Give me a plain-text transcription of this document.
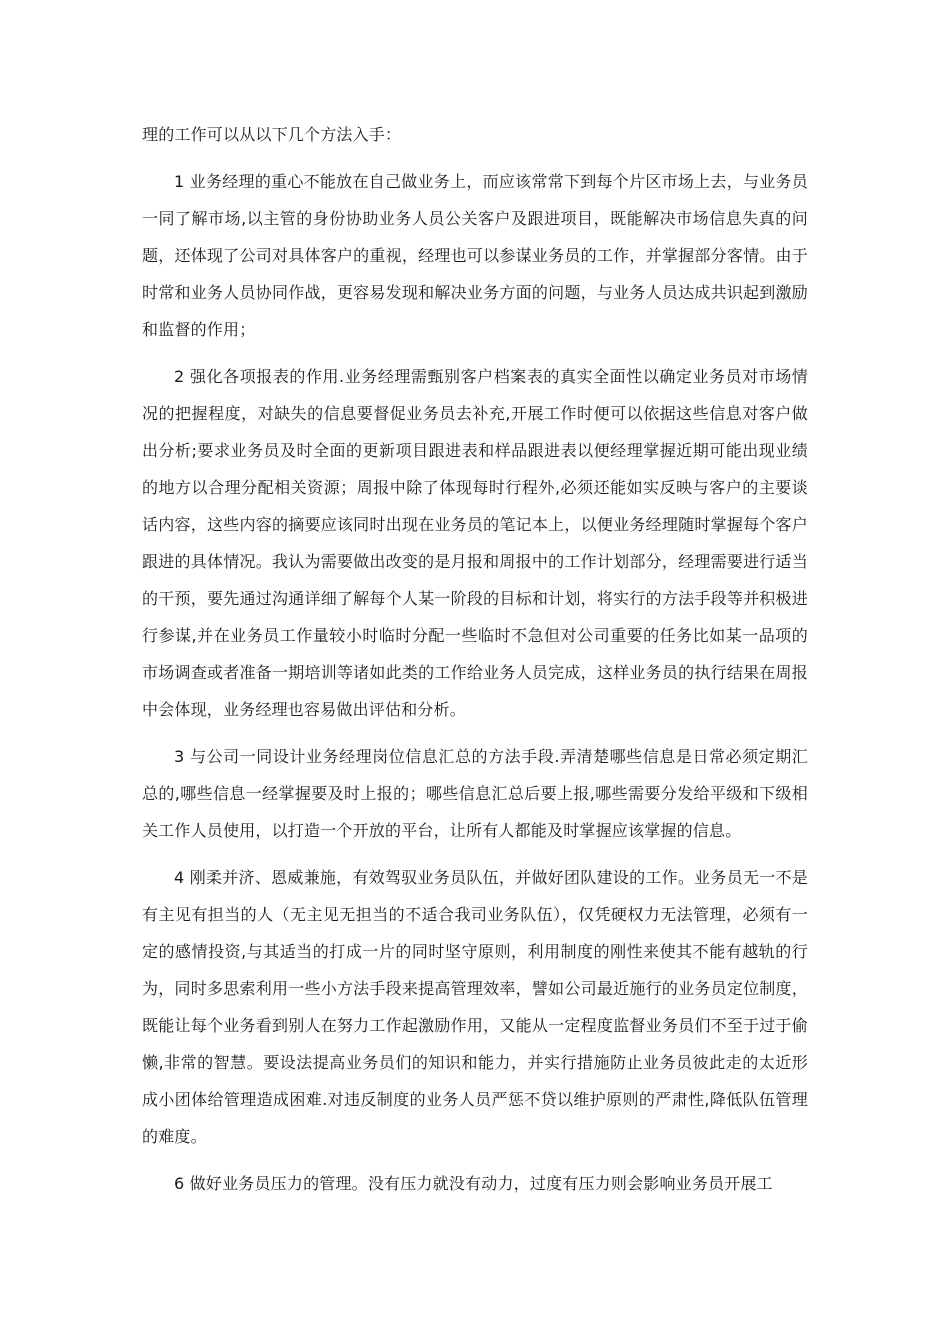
理的工作可以从以下几个方法入手：

1 业务经理的重心不能放在自己做业务上，而应该常常下到每个片区市场上去，与业务员一同了解市场,以主管的身份协助业务人员公关客户及跟进项目，既能解决市场信息失真的问题，还体现了公司对具体客户的重视，经理也可以参谋业务员的工作，并掌握部分客情。由于时常和业务人员协同作战，更容易发现和解决业务方面的问题，与业务人员达成共识起到激励和监督的作用；

2 强化各项报表的作用.业务经理需甄别客户档案表的真实全面性以确定业务员对市场情况的把握程度，对缺失的信息要督促业务员去补充,开展工作时便可以依据这些信息对客户做出分析;要求业务员及时全面的更新项目跟进表和样品跟进表以便经理掌握近期可能出现业绩的地方以合理分配相关资源；周报中除了体现每时行程外,必须还能如实反映与客户的主要谈话内容，这些内容的摘要应该同时出现在业务员的笔记本上，以便业务经理随时掌握每个客户跟进的具体情况。我认为需要做出改变的是月报和周报中的工作计划部分，经理需要进行适当的干预，要先通过沟通详细了解每个人某一阶段的目标和计划，将实行的方法手段等并积极进行参谋,并在业务员工作量较小时临时分配一些临时不急但对公司重要的任务比如某一品项的市场调查或者准备一期培训等诸如此类的工作给业务人员完成，这样业务员的执行结果在周报中会体现，业务经理也容易做出评估和分析。

3 与公司一同设计业务经理岗位信息汇总的方法手段.弄清楚哪些信息是日常必须定期汇总的,哪些信息一经掌握要及时上报的；哪些信息汇总后要上报,哪些需要分发给平级和下级相关工作人员使用，以打造一个开放的平台，让所有人都能及时掌握应该掌握的信息。

4 刚柔并济、恩威兼施，有效驾驭业务员队伍，并做好团队建设的工作。业务员无一不是有主见有担当的人（无主见无担当的不适合我司业务队伍），仅凭硬权力无法管理，必须有一定的感情投资,与其适当的打成一片的同时坚守原则，利用制度的刚性来使其不能有越轨的行为，同时多思索利用一些小方法手段来提高管理效率，譬如公司最近施行的业务员定位制度，既能让每个业务看到别人在努力工作起激励作用，又能从一定程度监督业务员们不至于过于偷懒,非常的智慧。要设法提高业务员们的知识和能力，并实行措施防止业务员彼此走的太近形成小团体给管理造成困难.对违反制度的业务人员严惩不贷以维护原则的严肃性,降低队伍管理的难度。

6 做好业务员压力的管理。没有压力就没有动力，过度有压力则会影响业务员开展工
